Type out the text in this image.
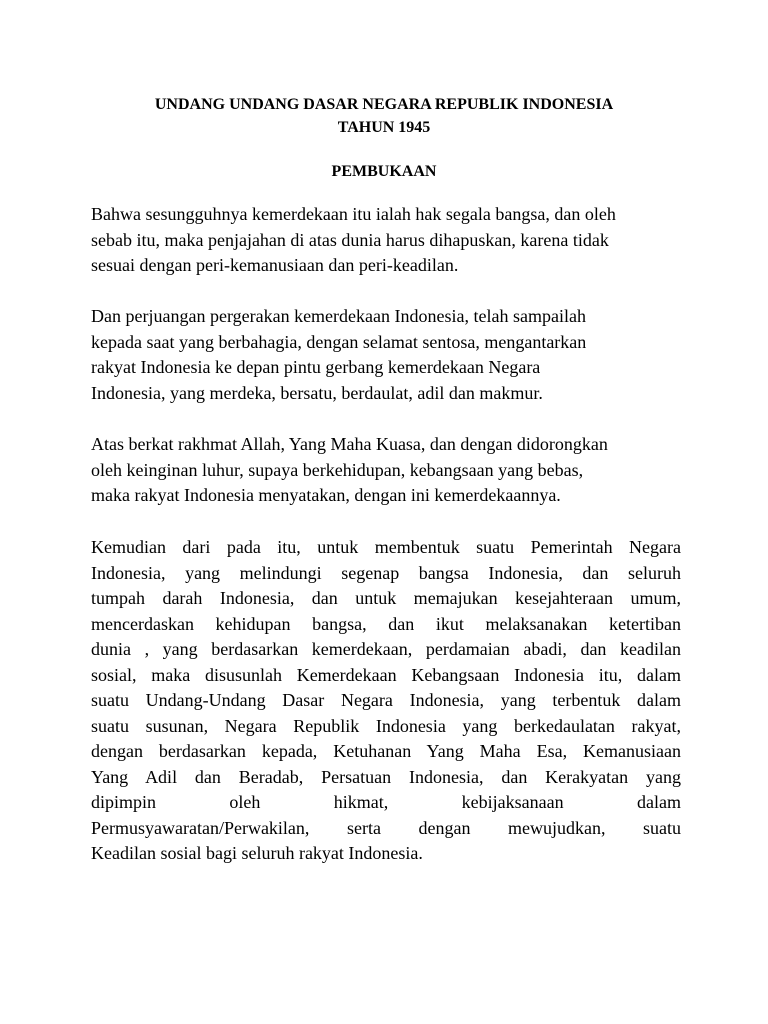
UNDANG UNDANG DASAR NEGARA REPUBLIK INDONESIA
TAHUN 1945
PEMBUKAAN

Bahwa sesungguhnya kemerdekaan itu ialah hak segala bangsa, dan oleh
sebab itu, maka penjajahan di atas dunia harus dihapuskan, karena tidak
sesuai dengan peri-kemanusiaan dan peri-keadilan.

Dan perjuangan pergerakan kemerdekaan Indonesia, telah sampailah
kepada saat yang berbahagia, dengan selamat sentosa, mengantarkan
rakyat Indonesia ke depan pintu gerbang kemerdekaan Negara
Indonesia, yang merdeka, bersatu, berdaulat, adil dan makmur.

Atas berkat rakhmat Allah, Yang Maha Kuasa, dan dengan didorongkan
oleh keinginan luhur, supaya berkehidupan, kebangsaan yang bebas,
maka rakyat Indonesia menyatakan, dengan ini kemerdekaannya.

Kemudian dari pada itu, untuk membentuk suatu Pemerintah Negara
Indonesia, yang melindungi segenap bangsa Indonesia, dan seluruh
tumpah darah Indonesia, dan untuk memajukan kesejahteraan umum,
mencerdaskan kehidupan bangsa, dan ikut melaksanakan ketertiban
dunia , yang berdasarkan kemerdekaan, perdamaian abadi, dan keadilan
sosial, maka disusunlah Kemerdekaan Kebangsaan Indonesia itu, dalam
suatu Undang-Undang Dasar Negara Indonesia, yang terbentuk dalam
suatu susunan, Negara Republik Indonesia yang berkedaulatan rakyat,
dengan berdasarkan kepada, Ketuhanan Yang Maha Esa, Kemanusiaan
Yang Adil dan Beradab, Persatuan Indonesia, dan Kerakyatan yang
dipimpin oleh hikmat, kebijaksanaan dalam
Permusyawaratan/Perwakilan, serta dengan mewujudkan, suatu
Keadilan sosial bagi seluruh rakyat Indonesia.
